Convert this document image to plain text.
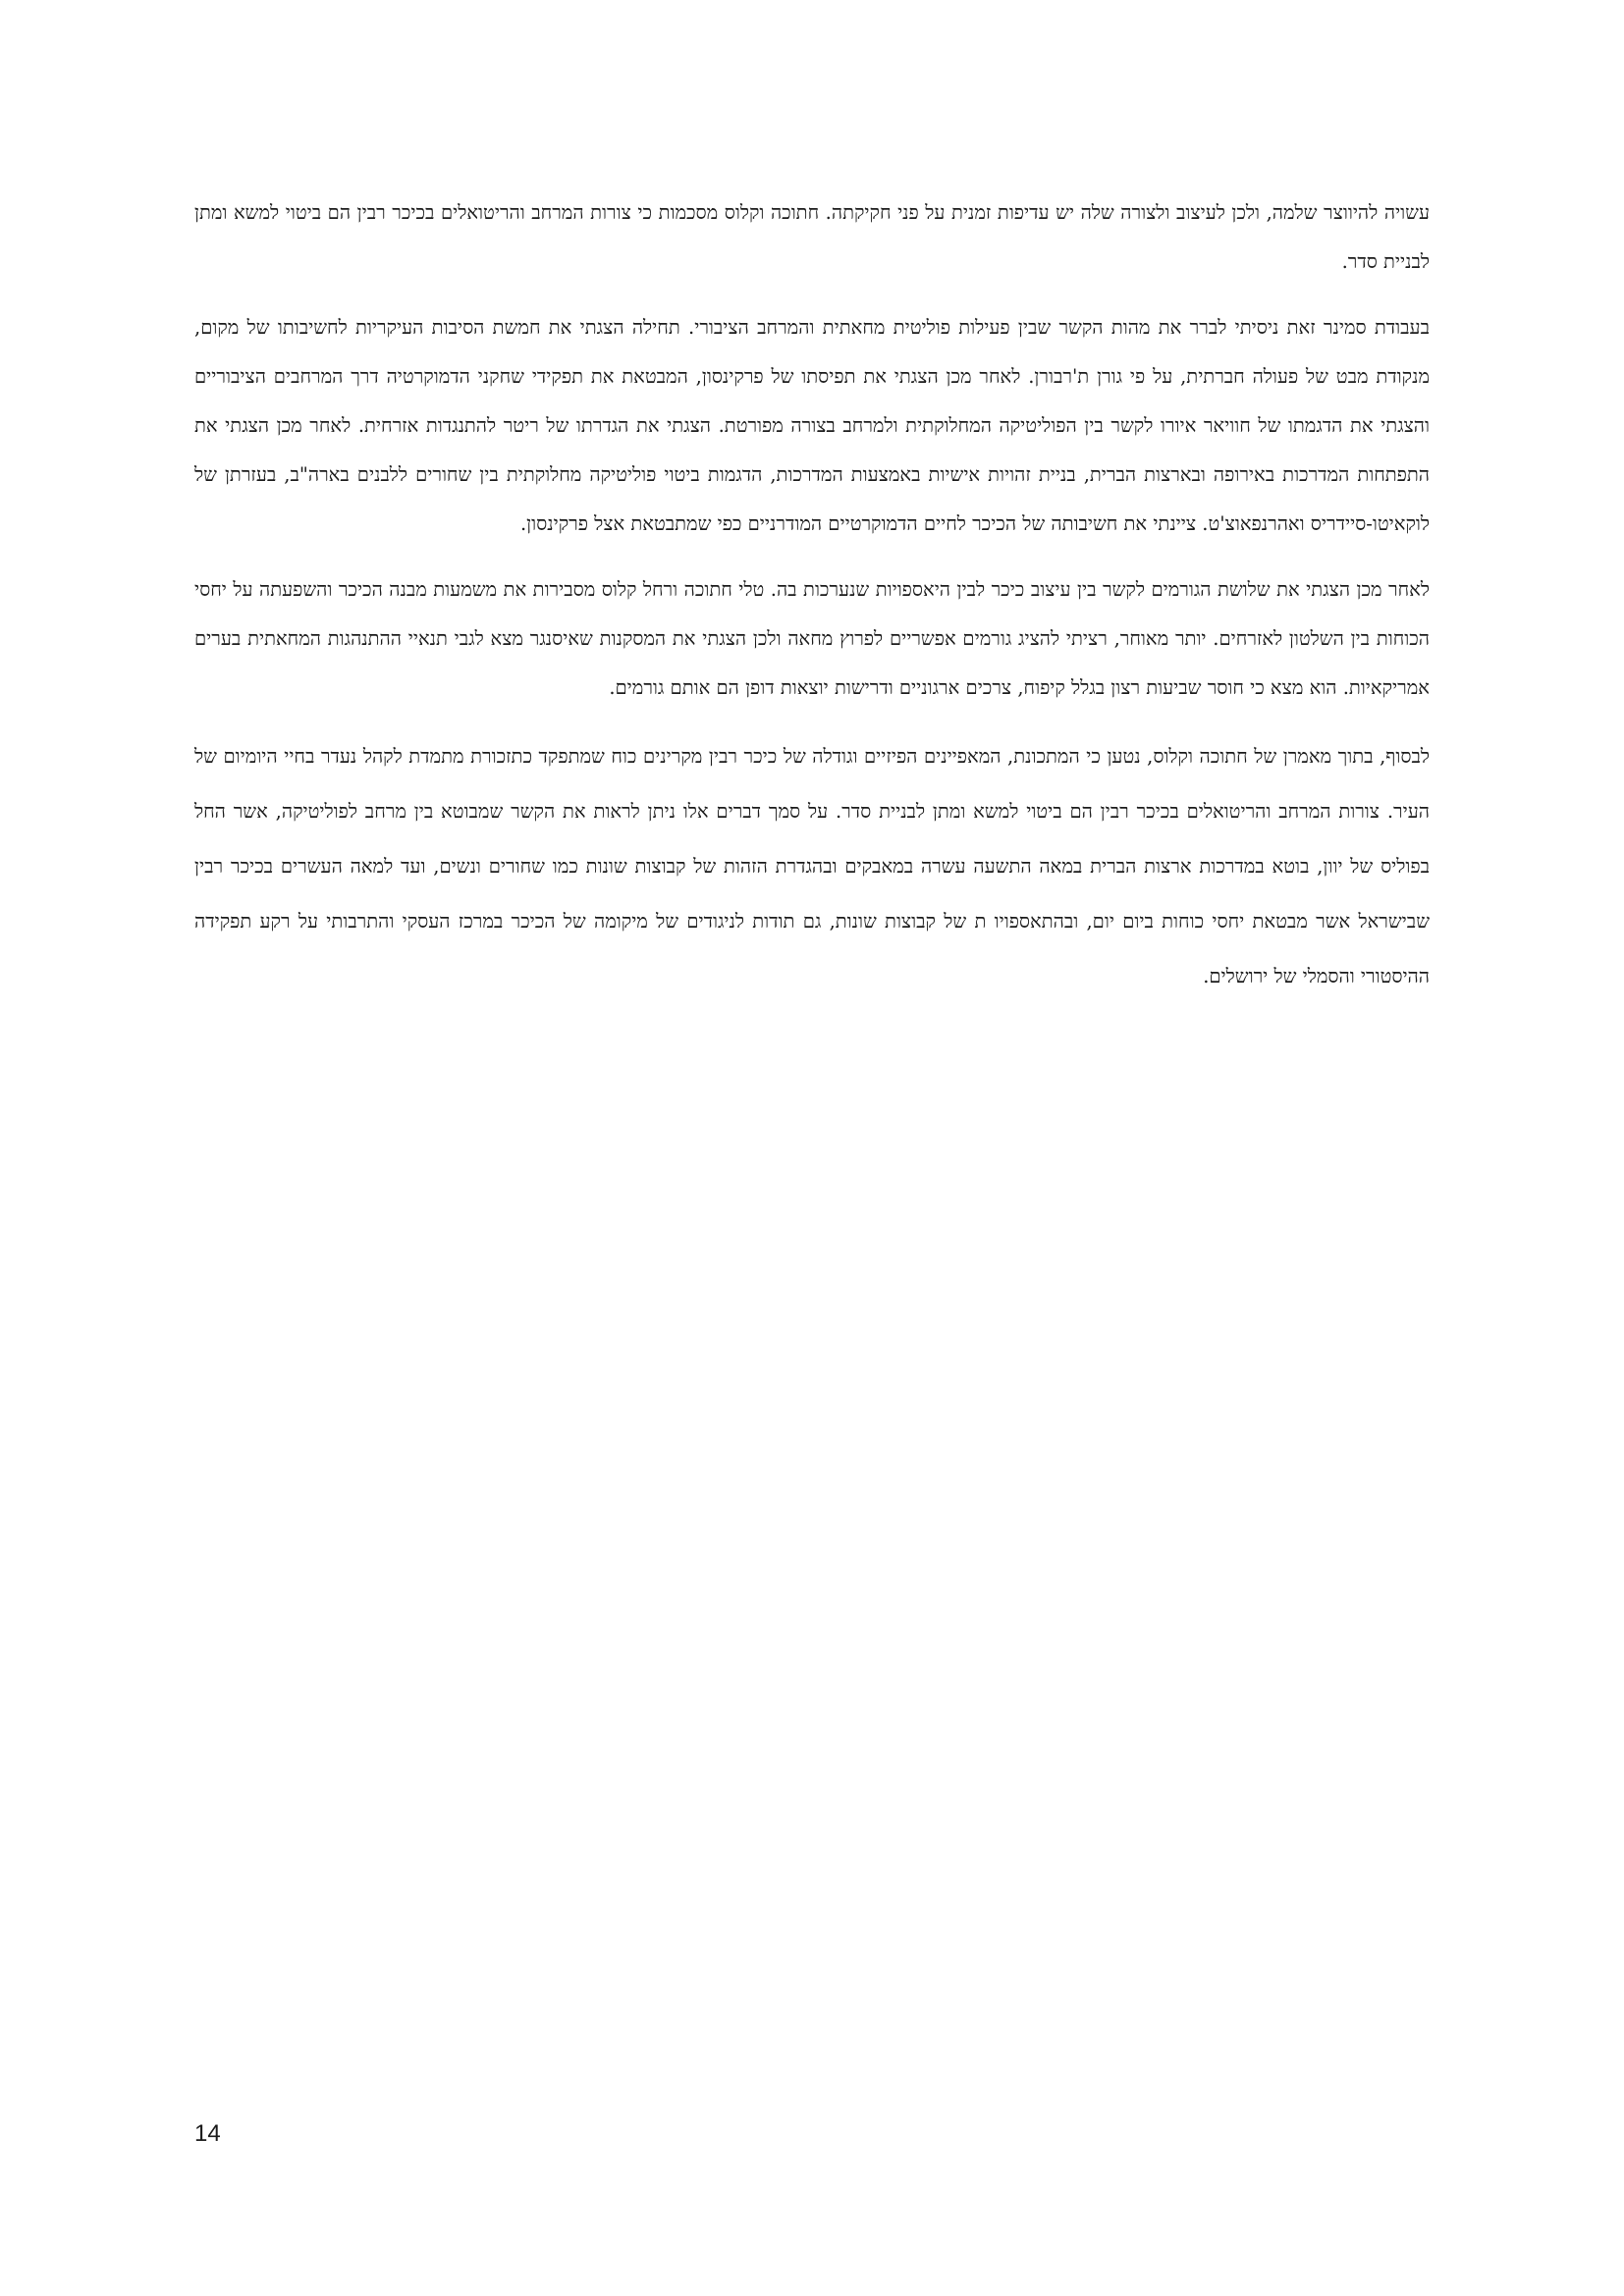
עשויה להיווצר שלמה, ולכן לעיצוב ולצורה שלה יש עדיפות זמנית על פני חקיקתה. חתוכה וקלוס מסכמות כי צורות המרחב והריטואלים בכיכר רבין הם ביטוי למשא ומתן לבניית סדר.

בעבודת סמינר זאת ניסיתי לברר את מהות הקשר שבין פעילות פוליטית מחאתית והמרחב הציבורי. תחילה הצגתי את חמשת הסיבות העיקריות לחשיבותו של מקום, מנקודת מבט של פעולה חברתית, על פי גורן ת'רבורן. לאחר מכן הצגתי את תפיסתו של פרקינסון, המבטאת את תפקידי שחקני הדמוקרטיה דרך המרחבים הציבוריים והצגתי את הדגמתו של חוויאר איורו לקשר בין הפוליטיקה המחלוקתית ולמרחב בצורה מפורטת. הצגתי את הגדרתו של ריטר להתנגדות אזרחית. לאחר מכן הצגתי את התפתחות המדרכות באירופה ובארצות הברית, בניית זהויות אישיות באמצעות המדרכות, הדגמות ביטוי פוליטיקה מחלוקתית בין שחורים ללבנים בארה"ב, בעזרתן של לוקאיטו-סיידריס ואהרנפאוצ'ט. ציינתי את חשיבותה של הכיכר לחיים הדמוקרטיים המודרניים כפי שמתבטאת אצל פרקינסון.

לאחר מכן הצגתי את שלושת הגורמים לקשר בין עיצוב כיכר לבין היאספויות שנערכות בה. טלי חתוכה ורחל קלוס מסבירות את משמעות מבנה הכיכר והשפעתה על יחסי הכוחות בין השלטון לאזרחים. יותר מאוחר, רציתי להציג גורמים אפשריים לפרוץ מחאה ולכן הצגתי את המסקנות שאיסנגר מצא לגבי תנאיי ההתנהגות המחאתית בערים אמריקאיות. הוא מצא כי חוסר שביעות רצון בגלל קיפוח, צרכים ארגוניים ודרישות יוצאות דופן הם אותם גורמים.

לבסוף, בתוך מאמרן של חתוכה וקלוס, נטען כי המתכונת, המאפיינים הפיזיים וגודלה של כיכר רבין מקרינים כוח שמתפקד כתזכורת מתמדת לקהל נעדר בחיי היומיום של העיר. צורות המרחב והריטואלים בכיכר רבין הם ביטוי למשא ומתן לבניית סדר. על סמך דברים אלו ניתן לראות את הקשר שמבוטא בין מרחב לפוליטיקה, אשר החל בפוליס של יוון, בוטא במדרכות ארצות הברית במאה התשעה עשרה במאבקים ובהגדרת הזהות של קבוצות שונות כמו שחורים ונשים, ועד למאה העשרים בכיכר רבין שבישראל אשר מבטאת יחסי כוחות ביום יום, ובהתאספויו ת של קבוצות שונות, גם תודות לניגודים של מיקומה של הכיכר במרכז העסקי והתרבותי על רקע תפקידה ההיסטורי והסמלי של ירושלים.

14
